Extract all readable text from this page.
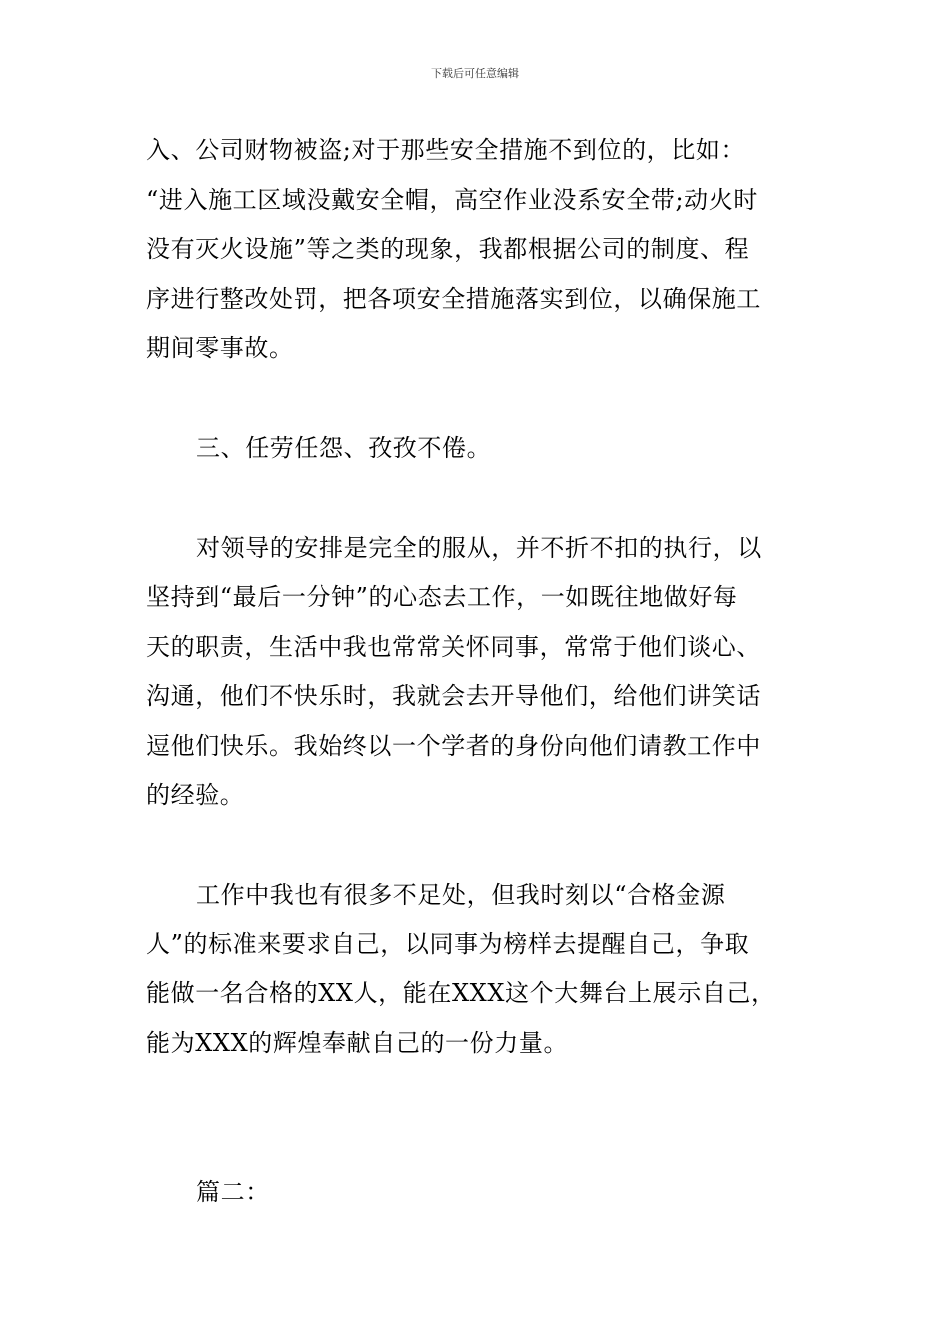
下载后可任意编辑
入、公司财物被盗;对于那些安全措施不到位的，比如：
“进入施工区域没戴安全帽，高空作业没系安全带;动火时
没有灭火设施”等之类的现象，我都根据公司的制度、程
序进行整改处罚，把各项安全措施落实到位，以确保施工
期间零事故。
三、任劳任怨、孜孜不倦。
对领导的安排是完全的服从，并不折不扣的执行，以
坚持到“最后一分钟”的心态去工作，一如既往地做好每
天的职责，生活中我也常常关怀同事，常常于他们谈心、
沟通，他们不快乐时，我就会去开导他们，给他们讲笑话
逗他们快乐。我始终以一个学者的身份向他们请教工作中
的经验。
工作中我也有很多不足处，但我时刻以“合格金源
人”的标准来要求自己，以同事为榜样去提醒自己，争取
能做一名合格的XX人，能在XXX这个大舞台上展示自己，
能为XXX的辉煌奉献自己的一份力量。
篇二：
